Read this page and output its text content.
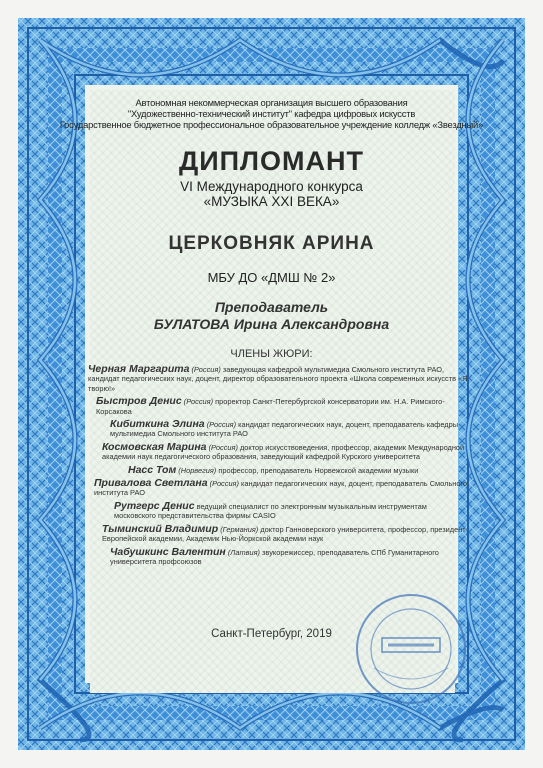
Автономная некоммерческая организация высшего образования
"Художественно-технический институт" кафедра цифровых искусств
Государственное бюджетное профессиональное образовательное учреждение колледж «Звездный»
ДИПЛОМАНТ
VI Международного конкурса
«МУЗЫКА XXI ВЕКА»
ЦЕРКОВНЯК АРИНА
МБУ ДО «ДМШ № 2»
Преподаватель
БУЛАТОВА Ирина Александровна
ЧЛЕНЫ ЖЮРИ:
Черная Маргарита (Россия) заведующая кафедрой мультимедиа Смольного института РАО, кандидат педагогических наук, доцент, директор образовательного проекта «Школа современных искусств «Я творю!»
Быстров Денис (Россия) проректор Санкт-Петербургской консерватории им. Н.А. Римского-Корсакова
Кибиткина Элина (Россия) кандидат педагогических наук, доцент, преподаватель кафедры мультимедиа Смольного института РАО
Космовская Марина (Россия) доктор искусствоведения, профессор, академик Международной академии наук педагогического образования, заведующий кафедрой Курского университета
Насс Том (Норвегия) профессор, преподаватель Норвежской академии музыки
Привалова Светлана (Россия) кандидат педагогических наук, доцент, преподаватель Смольного института РАО
Рутгерс Денис ведущий специалист по электронным музыкальным инструментам московского представительства фирмы CASIO
Тыминский Владимир (Германия) доктор Ганноверского университета, профессор, президент Европейской академии, Академик Нью-Йоркской академии наук
Чабушкинс Валентин (Латвия) звукорежиссер, преподаватель СПб Гуманитарного университета профсоюзов
Санкт-Петербург, 2019
